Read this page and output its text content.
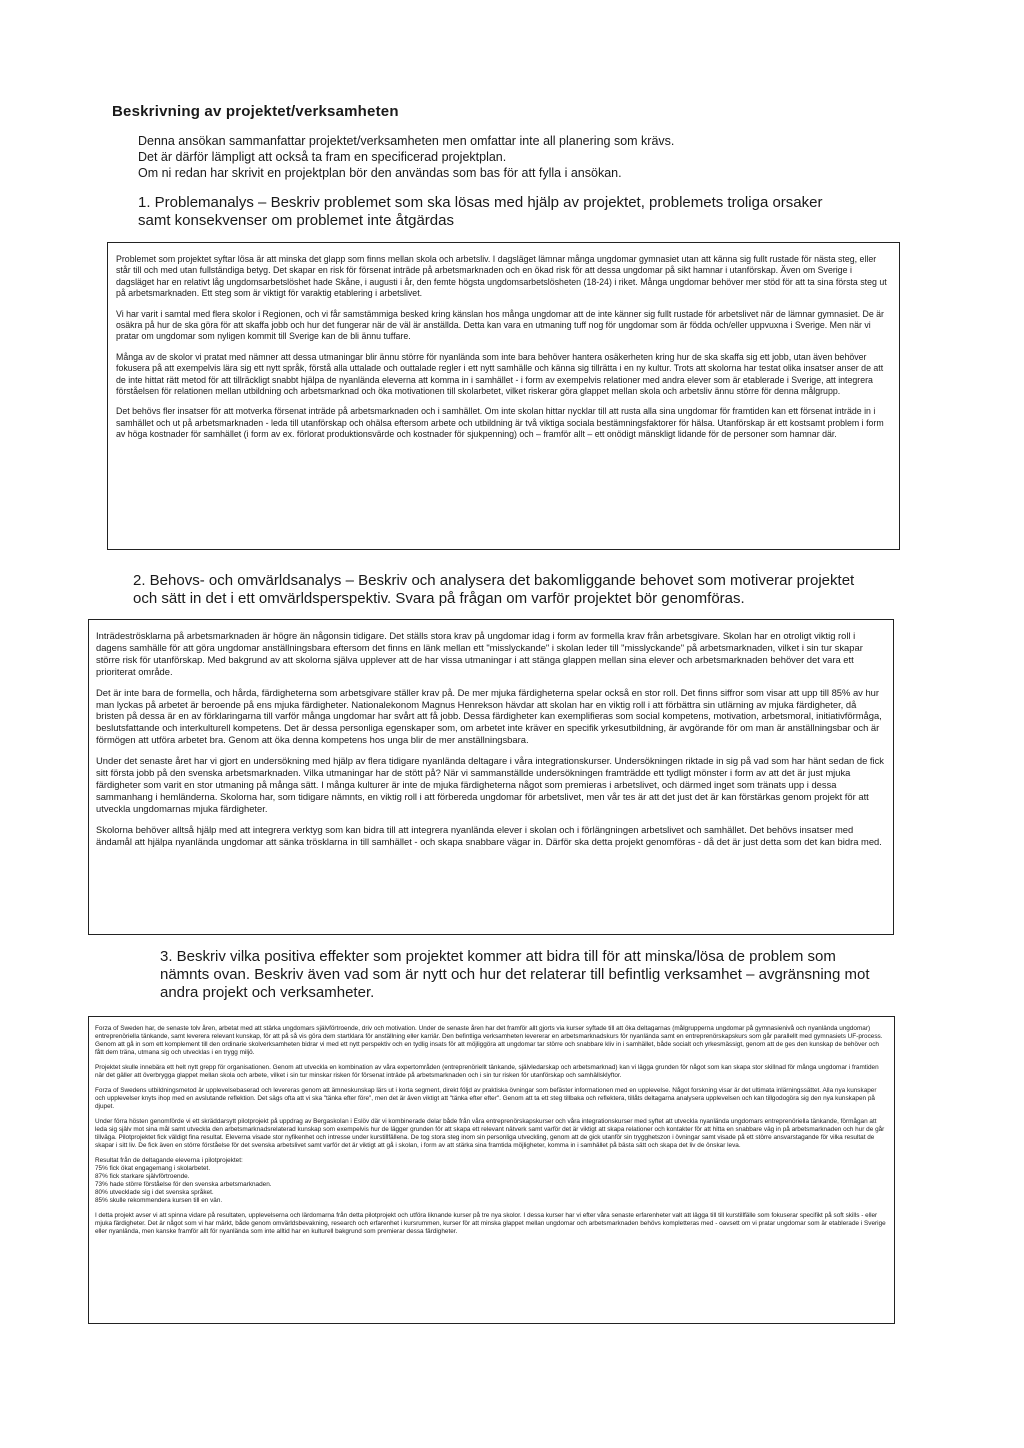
Beskrivning av projektet/verksamheten

Denna ansökan sammanfattar projektet/verksamheten men omfattar inte all planering som krävs.

Det är därför lämpligt att också ta fram en specificerad projektplan.

Om ni redan har skrivit en projektplan bör den användas som bas för att fylla i ansökan.

1. Problemanalys – Beskriv problemet som ska lösas med hjälp av projektet, problemets troliga orsaker
samt konsekvenser om problemet inte åtgärdas

Problemet som projektet syftar lösa är att minska det glapp som finns mellan skola och arbetsliv. I dagsläget lämnar många ungdomar gymnasiet utan att känna sig fullt rustade för nästa steg, eller står till och med utan fullständiga betyg. Det skapar en risk för försenat inträde på arbetsmarknaden och en ökad risk för att dessa ungdomar på sikt hamnar i utanförskap. Även om Sverige i dagsläget har en relativt låg ungdomsarbetslöshet hade Skåne, i augusti i år, den femte högsta ungdomsarbetslösheten (18-24) i riket. Många ungdomar behöver mer stöd för att ta sina första steg ut på arbetsmarknaden. Ett steg som är viktigt för varaktig etablering i arbetslivet.

Vi har varit i samtal med flera skolor i Regionen, och vi får samstämmiga besked kring känslan hos många ungdomar att de inte känner sig fullt rustade för arbetslivet när de lämnar gymnasiet. De är osäkra på hur de ska göra för att skaffa jobb och hur det fungerar när de väl är anställda. Detta kan vara en utmaning tuff nog för ungdomar som är födda och/eller uppvuxna i Sverige. Men när vi pratar om ungdomar som nyligen kommit till Sverige kan de bli ännu tuffare.

Många av de skolor vi pratat med nämner att dessa utmaningar blir ännu större för nyanlända som inte bara behöver hantera osäkerheten kring hur de ska skaffa sig ett jobb, utan även behöver fokusera på att exempelvis lära sig ett nytt språk, förstå alla uttalade och outtalade regler i ett nytt samhälle och känna sig tillrätta i en ny kultur. Trots att skolorna har testat olika insatser anser de att de inte hittat rätt metod för att tillräckligt snabbt hjälpa de nyanlända eleverna att komma in i samhället - i form av exempelvis relationer med andra elever som är etablerade i Sverige, att integrera förståelsen för relationen mellan utbildning och arbetsmarknad och öka motivationen till skolarbetet, vilket riskerar göra glappet mellan skola och arbetsliv ännu större för denna målgrupp.

Det behövs fler insatser för att motverka försenat inträde på arbetsmarknaden och i samhället. Om inte skolan hittar nycklar till att rusta alla sina ungdomar för framtiden kan ett försenat inträde in i samhället och ut på arbetsmarknaden - leda till utanförskap och ohälsa eftersom arbete och utbildning är två viktiga sociala bestämningsfaktorer för hälsa. Utanförskap är ett kostsamt problem i form av höga kostnader för samhället (i form av ex. förlorat produktionsvärde och kostnader för sjukpenning) och – framför allt – ett onödigt mänskligt lidande för de personer som hamnar där.

2. Behovs- och omvärldsanalys – Beskriv och analysera det bakomliggande behovet som motiverar projektet
och sätt in det i ett omvärldsperspektiv. Svara på frågan om varför projektet bör genomföras.

Inträdeströsklarna på arbetsmarknaden är högre än någonsin tidigare. Det ställs stora krav på ungdomar idag i form av formella krav från arbetsgivare. Skolan har en otroligt viktig roll i dagens samhälle för att göra ungdomar anställningsbara eftersom det finns en länk mellan ett "misslyckande" i skolan leder till "misslyckande" på arbetsmarknaden, vilket i sin tur skapar större risk för utanförskap. Med bakgrund av att skolorna själva upplever att de har vissa utmaningar i att stänga glappen mellan sina elever och arbetsmarknaden behöver det vara ett prioriterat område.

Det är inte bara de formella, och hårda, färdigheterna som arbetsgivare ställer krav på. De mer mjuka färdigheterna spelar också en stor roll. Det finns siffror som visar att upp till 85% av hur man lyckas på arbetet är beroende på ens mjuka färdigheter. Nationalekonom Magnus Henrekson hävdar att skolan har en viktig roll i att förbättra sin utlärning av mjuka färdigheter, då bristen på dessa är en av förklaringarna till varför många ungdomar har svårt att få jobb. Dessa färdigheter kan exemplifieras som social kompetens, motivation, arbetsmoral, initiativförmåga, beslutsfattande och interkulturell kompetens. Det är dessa personliga egenskaper som, om arbetet inte kräver en specifik yrkesutbildning, är avgörande för om man är anställningsbar och är förmögen att utföra arbetet bra. Genom att öka denna kompetens hos unga blir de mer anställningsbara.

Under det senaste året har vi gjort en undersökning med hjälp av flera tidigare nyanlända deltagare i våra integrationskurser. Undersökningen riktade in sig på vad som har hänt sedan de fick sitt första jobb på den svenska arbetsmarknaden. Vilka utmaningar har de stött på? När vi sammanställde undersökningen framträdde ett tydligt mönster i form av att det är just mjuka färdigheter som varit en stor utmaning på många sätt. I många kulturer är inte de mjuka färdigheterna något som premieras i arbetslivet, och därmed inget som tränats upp i dessa sammanhang i hemländerna. Skolorna har, som tidigare nämnts, en viktig roll i att förbereda ungdomar för arbetslivet, men vår tes är att det just det är kan förstärkas genom projekt för att utveckla ungdomarnas mjuka färdigheter.

Skolorna behöver alltså hjälp med att integrera verktyg som kan bidra till att integrera nyanlända elever i skolan och i förlängningen arbetslivet och samhället. Det behövs insatser med ändamål att hjälpa nyanlända ungdomar att sänka trösklarna in till samhället - och skapa snabbare vägar in. Därför ska detta projekt genomföras - då det är just detta som det kan bidra med.

3. Beskriv vilka positiva effekter som projektet kommer att bidra till för att minska/lösa de problem som
nämnts ovan. Beskriv även vad som är nytt och hur det relaterar till befintlig verksamhet – avgränsning mot
andra projekt och verksamheter.

Forza of Sweden har, de senaste tolv åren, arbetat med att stärka ungdomars självförtroende, driv och motivation. Under de senaste åren har det framför allt gjorts via kurser syftade till att öka deltagarnas (målgrupperna ungdomar på gymnasienivå och nyanlända ungdomar) entreprenöriella tänkande, samt leverera relevant kunskap, för att på så vis göra dem startklara för anställning eller karriär. Den befintliga verksamheten levererar en arbetsmarknadskurs för nyanlända samt en entreprenörskapskurs som går parallellt med gymnasiets UF-process. Genom att gå in som ett komplement till den ordinarie skolverksamheten bidrar vi med ett nytt perspektiv och en tydlig insats för att möjliggöra att ungdomar tar större och snabbare kliv in i samhället, både socialt och yrkesmässigt, genom att de ges den kunskap de behöver och fått dem träna, utmana sig och utvecklas i en trygg miljö.

Projektet skulle innebära ett helt nytt grepp för organisationen. Genom att utveckla en kombination av våra expertområden (entreprenöriellt tänkande, självledarskap och arbetsmarknad) kan vi lägga grunden för något som kan skapa stor skillnad för många ungdomar i framtiden när det gäller att överbrygga glappet mellan skola och arbete, vilket i sin tur minskar risken för försenat inträde på arbetsmarknaden och i sin tur risken för utanförskap och samhällsklyftor.

Forza of Swedens utbildningsmetod är upplevelsebaserad och levereras genom att ämneskunskap lärs ut i korta segment, direkt följd av praktiska övningar som befäster informationen med en upplevelse. Något forskning visar är det ultimata inlärningssättet. Alla nya kunskaper och upplevelser knyts ihop med en avslutande reflektion. Det sägs ofta att vi ska "tänka efter före", men det är även viktigt att "tänka efter efter". Genom att ta ett steg tillbaka och reflektera, tillåts deltagarna analysera upplevelsen och kan tillgodogöra sig den nya kunskapen på djupet.

Under förra hösten genomförde vi ett skräddarsytt pilotprojekt på uppdrag av Bergaskolan i Eslöv där vi kombinerade delar både från våra entreprenörskapskurser och våra integrationskurser med syftet att utveckla nyanlända ungdomars entreprenöriella tänkande, förmågan att leda sig själv mot sina mål samt utveckla den arbetsmarknadsrelaterad kunskap som exempelvis hur de lägger grunden för att skapa ett relevant nätverk samt varför det är viktigt att skapa relationer och kontakter för att hitta en snabbare väg in på arbetsmarknaden och hur de går tillväga. Pilotprojektet fick väldigt fina resultat. Eleverna visade stor nyfikenhet och intresse under kurstillfällena. De tog stora steg inom sin personliga utveckling, genom att de gick utanför sin trygghetszon i övningar samt visade på ett större ansvarstagande för vilka resultat de skapar i sitt liv. De fick även en större förståelse för det svenska arbetslivet samt varför det är viktigt att gå i skolan, i form av att stärka sina framtida möjligheter, komma in i samhället på bästa sätt och skapa det liv de önskar leva.

Resultat från de deltagande eleverna i pilotprojektet:
75% fick ökat engagemang i skolarbetet.
87% fick starkare självförtroende.
73% hade större förståelse för den svenska arbetsmarknaden.
80% utvecklade sig i det svenska språket.
85% skulle rekommendera kursen till en vän.

I detta projekt avser vi att spinna vidare på resultaten, upplevelserna och lärdomarna från detta pilotprojekt och utföra liknande kurser på tre nya skolor. I dessa kurser har vi efter våra senaste erfarenheter valt att lägga till till kurstillfälle som fokuserar specifikt på soft skills - eller mjuka färdigheter. Det är något som vi har märkt, både genom omvärldsbevakning, research och erfarenhet i kursrummen, kurser för att minska glappet mellan ungdomar och arbetsmarknaden behövs kompletteras med - oavsett om vi pratar ungdomar som är etablerade i Sverige eller nyanlända, men kanske framför allt för nyanlända som inte alltid har en kulturell bakgrund som premierar dessa färdigheter.
